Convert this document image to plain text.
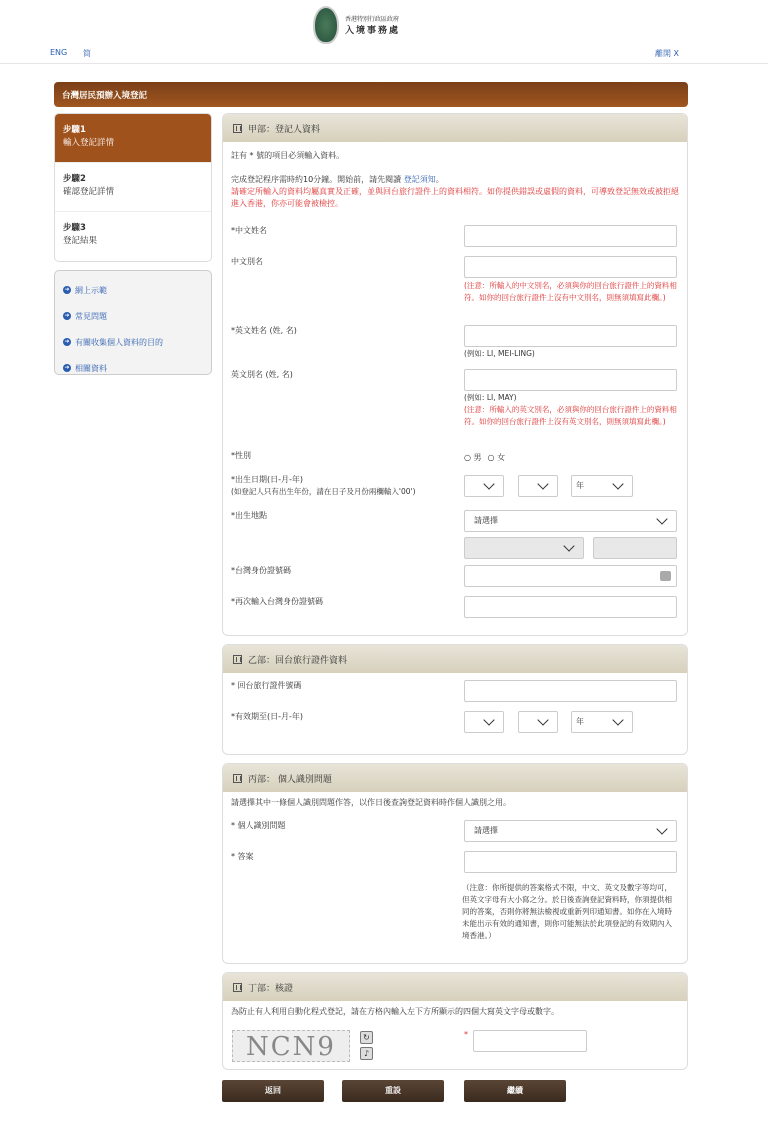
香港特別行政區政府
入境事務處
ENG 简	離開 X
台灣居民預辦入境登記
步驟1
輸入登記詳情
步驟2
確認登記詳情
步驟3
登記結果
➜ 網上示範
➜ 常見問題
➜ 有關收集個人資料的目的
➜ 相關資料
甲部：登記人資料
註有 * 號的項目必須輸入資料。
完成登記程序需時約10分鐘。開始前，請先閱讀 登記須知。
請確定所輸入的資料均屬真實及正確，並與回台旅行證件上的資料相符。如你提供錯誤或虛假的資料，可導致登記無效或被拒絕進入香港，你亦可能會被檢控。
*中文姓名
中文別名
(注意：所輸入的中文別名，必須與你的回台旅行證件上的資料相符。如你的回台旅行證件上沒有中文別名，則無須填寫此欄。)
*英文姓名 (姓, 名)
(例如: LI, MEI-LING)
英文別名 (姓, 名)
(例如: LI, MAY)
(注意：所輸入的英文別名，必須與你的回台旅行證件上的資料相符。如你的回台旅行證件上沒有英文別名，則無須填寫此欄。)
*性別	○ 男 ○ 女
*出生日期(日-月-年)
(如登記人只有出生年份，請在日子及月份兩欄輸入'00')
年
*出生地點
請選擇
*台灣身份證號碼
*再次輸入台灣身份證號碼
乙部：回台旅行證件資料
* 回台旅行證件號碼
*有效期至(日-月-年)
年
丙部： 個人識別問題
請選擇其中一條個人識別問題作答，以作日後查詢登記資料時作個人識別之用。
* 個人識別問題
請選擇
* 答案
（注意：你所提供的答案格式不限，中文、英文及數字等均可，但英文字母有大小寫之分。於日後查詢登記資料時，你須提供相同的答案，否則你將無法檢視或重新列印通知書。如你在入境時未能出示有效的通知書，則你可能無法於此項登記的有效期內入境香港。）
丁部：核證
為防止有人利用自動化程式登記，請在方格內輸入左下方所顯示的四個大寫英文字母或數字。
NCN9	↻
♪
*
返回	重設	繼續
